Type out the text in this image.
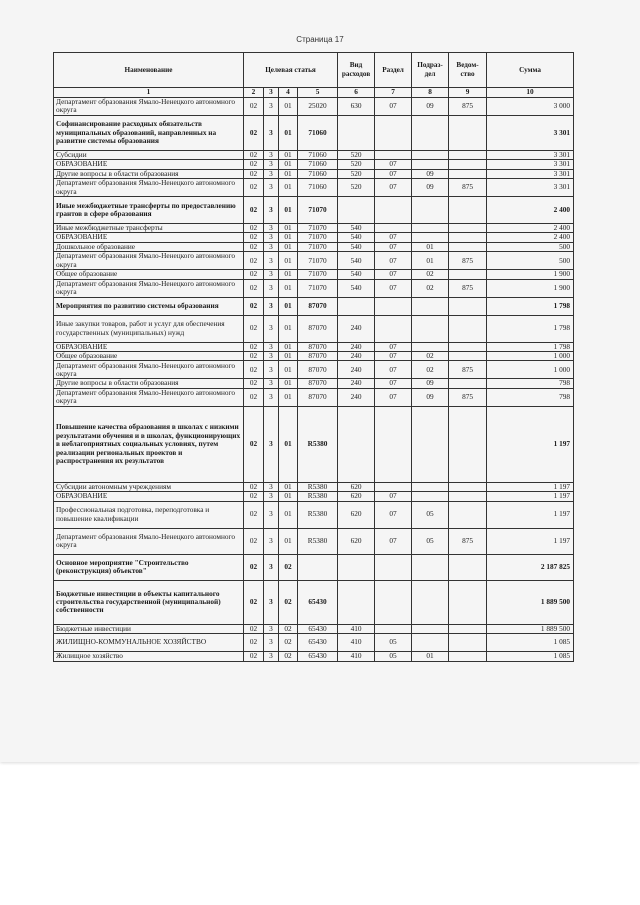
Страница 17
Наименование	Целевая статья				Вид расходов	Раздел	Подраз-дел	Ведом-ство	Сумма
1	2	3	4	5	6	7	8	9	10
Департамент образования Ямало-Ненецкого автономного округа	02	3	01	25020	630	07	09	875	3 000
Софинансирование расходных обязательств муниципальных образований, направленных на развитие системы образования	02	3	01	71060					3 301
Субсидии	02	3	01	71060	520				3 301
ОБРАЗОВАНИЕ	02	3	01	71060	520	07			3 301
Другие вопросы в области образования	02	3	01	71060	520	07	09		3 301
Департамент образования Ямало-Ненецкого автономного округа	02	3	01	71060	520	07	09	875	3 301
Иные межбюджетные трансферты по предоставлению грантов в сфере образования	02	3	01	71070					2 400
Иные межбюджетные трансферты	02	3	01	71070	540				2 400
ОБРАЗОВАНИЕ	02	3	01	71070	540	07			2 400
Дошкольное образование	02	3	01	71070	540	07	01		500
Департамент образования Ямало-Ненецкого автономного округа	02	3	01	71070	540	07	01	875	500
Общее образование	02	3	01	71070	540	07	02		1 900
Департамент образования Ямало-Ненецкого автономного округа	02	3	01	71070	540	07	02	875	1 900
Мероприятия по развитию системы образования	02	3	01	87070					1 798
Иные закупки товаров, работ и услуг для обеспечения государственных (муниципальных) нужд	02	3	01	87070	240				1 798
ОБРАЗОВАНИЕ	02	3	01	87070	240	07			1 798
Общее образование	02	3	01	87070	240	07	02		1 000
Департамент образования Ямало-Ненецкого автономного округа	02	3	01	87070	240	07	02	875	1 000
Другие вопросы в области образования	02	3	01	87070	240	07	09		798
Департамент образования Ямало-Ненецкого автономного округа	02	3	01	87070	240	07	09	875	798
Повышение качества образования в школах с низкими результатами обучения и в школах, функционирующих в неблагоприятных социальных условиях, путем реализации региональных проектов и распространения их результатов	02	3	01	R5380					1 197
Субсидии автономным учреждениям	02	3	01	R5380	620				1 197
ОБРАЗОВАНИЕ	02	3	01	R5380	620	07			1 197
Профессиональная подготовка, переподготовка и повышение квалификации	02	3	01	R5380	620	07	05		1 197
Департамент образования Ямало-Ненецкого автономного округа	02	3	01	R5380	620	07	05	875	1 197
Основное мероприятие "Строительство (реконструкция) объектов"	02	3	02						2 187 825
Бюджетные инвестиции в объекты капитального строительства государственной (муниципальной) собственности	02	3	02	65430					1 889 500
Бюджетные инвестиции	02	3	02	65430	410				1 889 500
ЖИЛИЩНО-КОММУНАЛЬНОЕ ХОЗЯЙСТВО	02	3	02	65430	410	05			1 085
Жилищное хозяйство	02	3	02	65430	410	05	01		1 085
